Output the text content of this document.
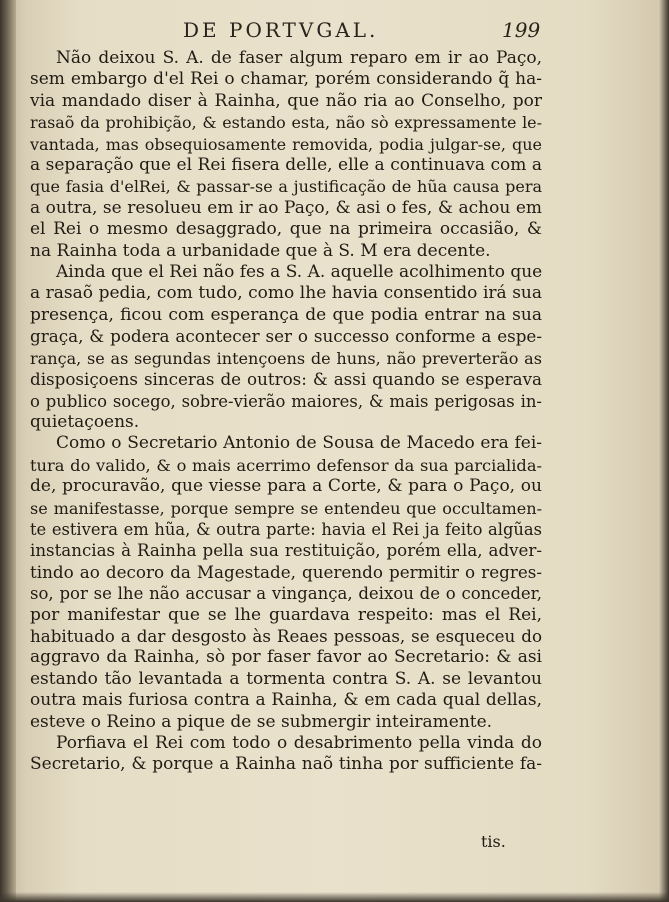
DE PORTVGAL.	199
Não deixou S. A. de faser algum reparo em ir ao Paço,
sem embargo d'el Rei o chamar, porém considerando q̃ ha-
via mandado diser à Rainha, que não ria ao Conselho, por
rasaõ da prohibição, & estando esta, não sò expressamente le-
vantada, mas obsequiosamente removida, podia julgar-se, que
a separação que el Rei fisera delle, elle a continuava com a
que fasia d'elRei, & passar-se a justificação de hũa causa pera
a outra, se resolueu em ir ao Paço, & asi o fes, & achou em
el Rei o mesmo desaggrado, que na primeira occasião, &
na Rainha toda a urbanidade que à S. M era decente.
Ainda que el Rei não fes a S. A. aquelle acolhimento que
a rasaõ pedia, com tudo, como lhe havia consentido irá sua
presença, ficou com esperança de que podia entrar na sua
graça, & podera acontecer ser o successo conforme a espe-
rança, se as segundas intençoens de huns, não preverterão as
disposiçoens sinceras de outros: & assi quando se esperava
o publico socego, sobre-vierão maiores, & mais perigosas in-
quietaçoens.
Como o Secretario Antonio de Sousa de Macedo era fei-
tura do valido, & o mais acerrimo defensor da sua parcialida-
de, procuravão, que viesse para a Corte, & para o Paço, ou
se manifestasse, porque sempre se entendeu que occultamen-
te estivera em hũa, & outra parte: havia el Rei ja feito algũas
instancias à Rainha pella sua restituição, porém ella, adver-
tindo ao decoro da Magestade, querendo permitir o regres-
so, por se lhe não accusar a vingança, deixou de o conceder,
por manifestar que se lhe guardava respeito: mas el Rei,
habituado a dar desgosto às Reaes pessoas, se esqueceu do
aggravo da Rainha, sò por faser favor ao Secretario: & asi
estando tão levantada a tormenta contra S. A. se levantou
outra mais furiosa contra a Rainha, & em cada qual dellas,
esteve o Reino a pique de se submergir inteiramente.
Porfiava el Rei com todo o desabrimento pella vinda do
Secretario, & porque a Rainha naõ tinha por sufficiente fa-
tis.
